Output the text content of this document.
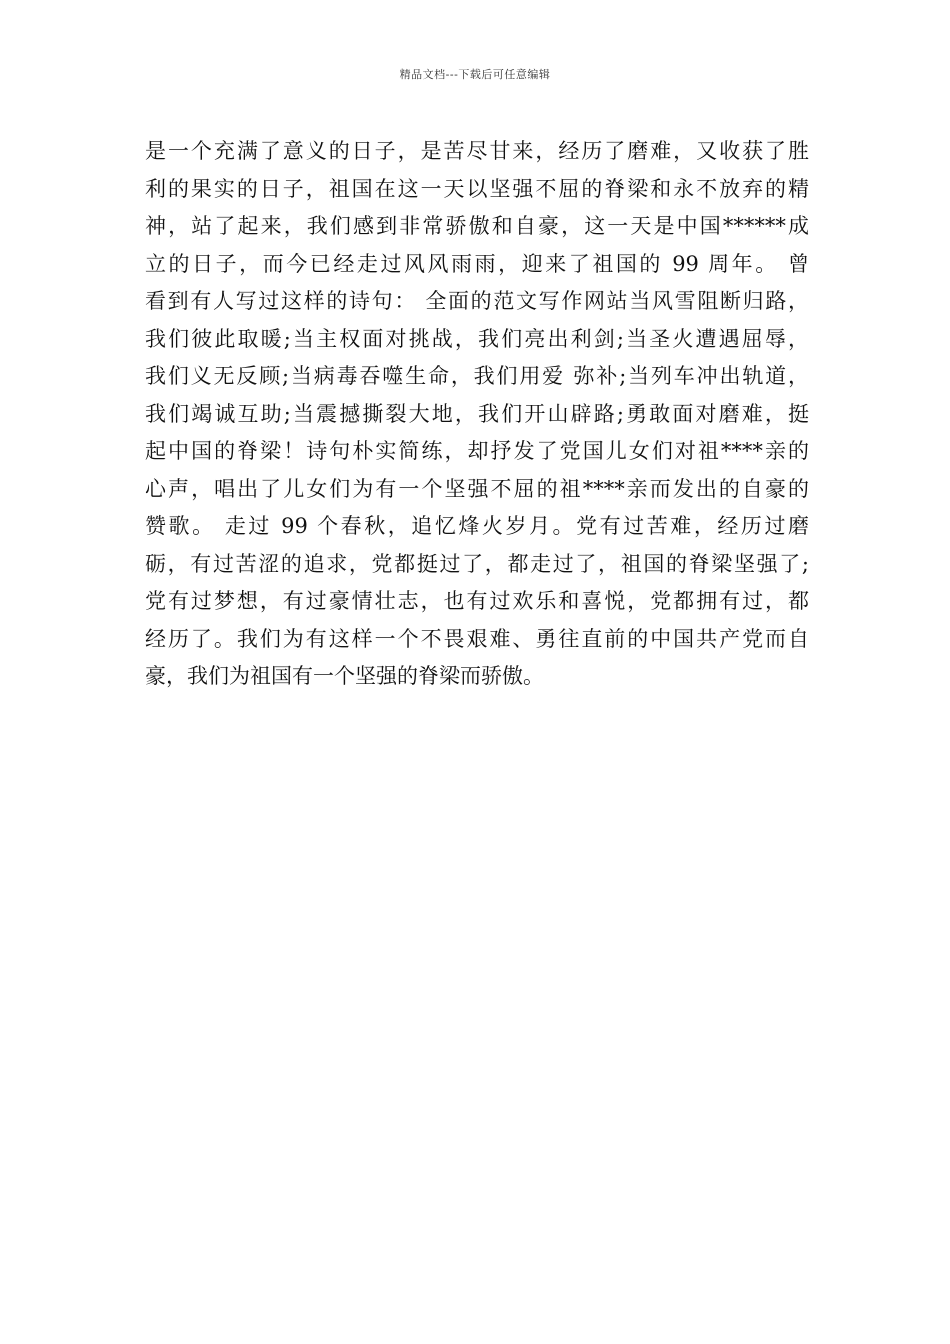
精品文档---下载后可任意编辑
是一个充满了意义的日子，是苦尽甘来，经历了磨难，又收获了胜
利的果实的日子，祖国在这一天以坚强不屈的脊梁和永不放弃的精
神，站了起来，我们感到非常骄傲和自豪，这一天是中国******成
立的日子，而今已经走过风风雨雨，迎来了祖国的 99 周年。 曾
看到有人写过这样的诗句： 全面的范文写作网站当风雪阻断归路，
我们彼此取暖;当主权面对挑战，我们亮出利剑;当圣火遭遇屈辱，
我们义无反顾;当病毒吞噬生命，我们用爱 弥补;当列车冲出轨道，
我们竭诚互助;当震撼撕裂大地，我们开山辟路;勇敢面对磨难，挺
起中国的脊梁！诗句朴实简练，却抒发了党国儿女们对祖****亲的
心声，唱出了儿女们为有一个坚强不屈的祖****亲而发出的自豪的
赞歌。 走过 99 个春秋，追忆烽火岁月。党有过苦难，经历过磨
砺，有过苦涩的追求，党都挺过了，都走过了，祖国的脊梁坚强了;
党有过梦想，有过豪情壮志，也有过欢乐和喜悦，党都拥有过，都
经历了。我们为有这样一个不畏艰难、勇往直前的中国共产党而自
豪，我们为祖国有一个坚强的脊梁而骄傲。
